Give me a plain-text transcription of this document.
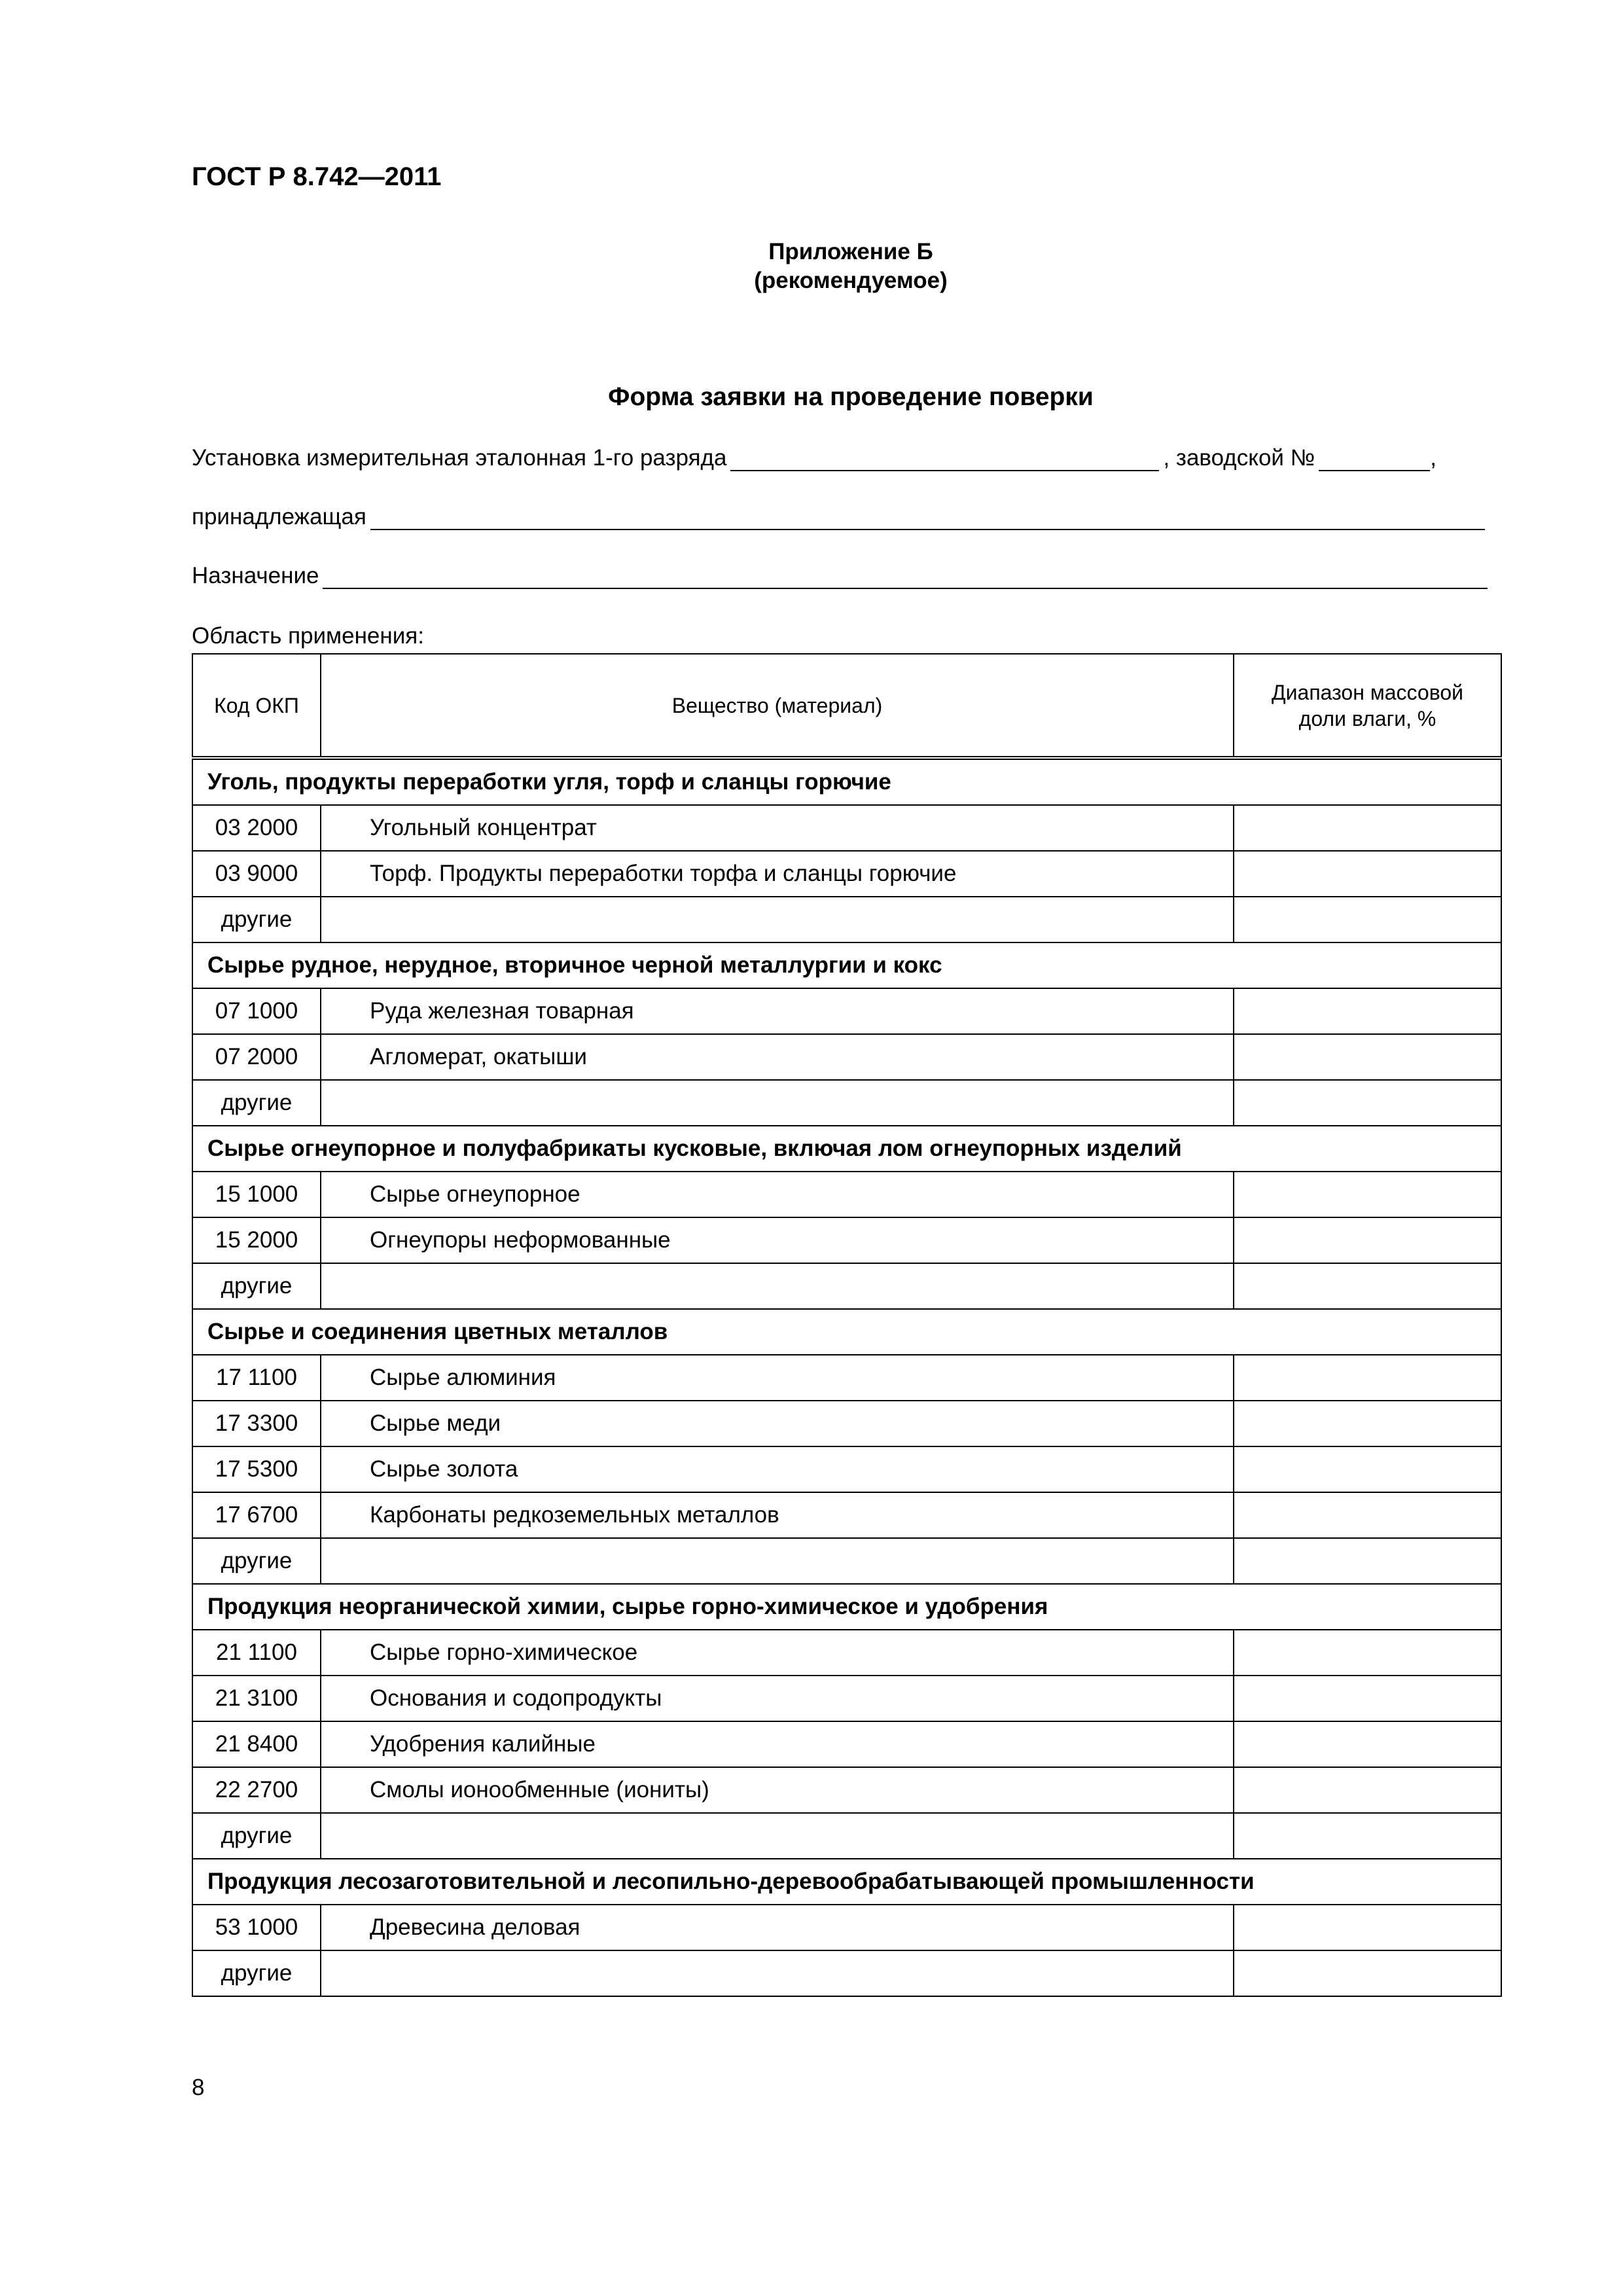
ГОСТ Р 8.742—2011
Приложение Б
(рекомендуемое)
Форма заявки на проведение поверки
Установка измерительная эталонная 1-го разряда	, заводской №	,
принадлежащая
Назначение
Область применения:
Код ОКП	Вещество (материал)	Диапазон массовой доли влаги, %
Уголь, продукты переработки угля, торф и сланцы горючие		
03 2000	Угольный концентрат	
03 9000	Торф. Продукты переработки торфа и сланцы горючие	
другие		
Сырье рудное, нерудное, вторичное черной металлургии и кокс		
07 1000	Руда железная товарная	
07 2000	Агломерат, окатыши	
другие		
Сырье огнеупорное и полуфабрикаты кусковые, включая лом огнеупорных изделий		
15 1000	Сырье огнеупорное	
15 2000	Огнеупоры неформованные	
другие		
Сырье и соединения цветных металлов		
17 1100	Сырье алюминия	
17 3300	Сырье меди	
17 5300	Сырье золота	
17 6700	Карбонаты редкоземельных металлов	
другие		
Продукция неорганической химии, сырье горно-химическое и удобрения		
21 1100	Сырье горно-химическое	
21 3100	Основания и содопродукты	
21 8400	Удобрения калийные	
22 2700	Смолы ионообменные (иониты)	
другие		
Продукция лесозаготовительной и лесопильно-деревообрабатывающей промышленности		
53 1000	Древесина деловая	
другие		
8
